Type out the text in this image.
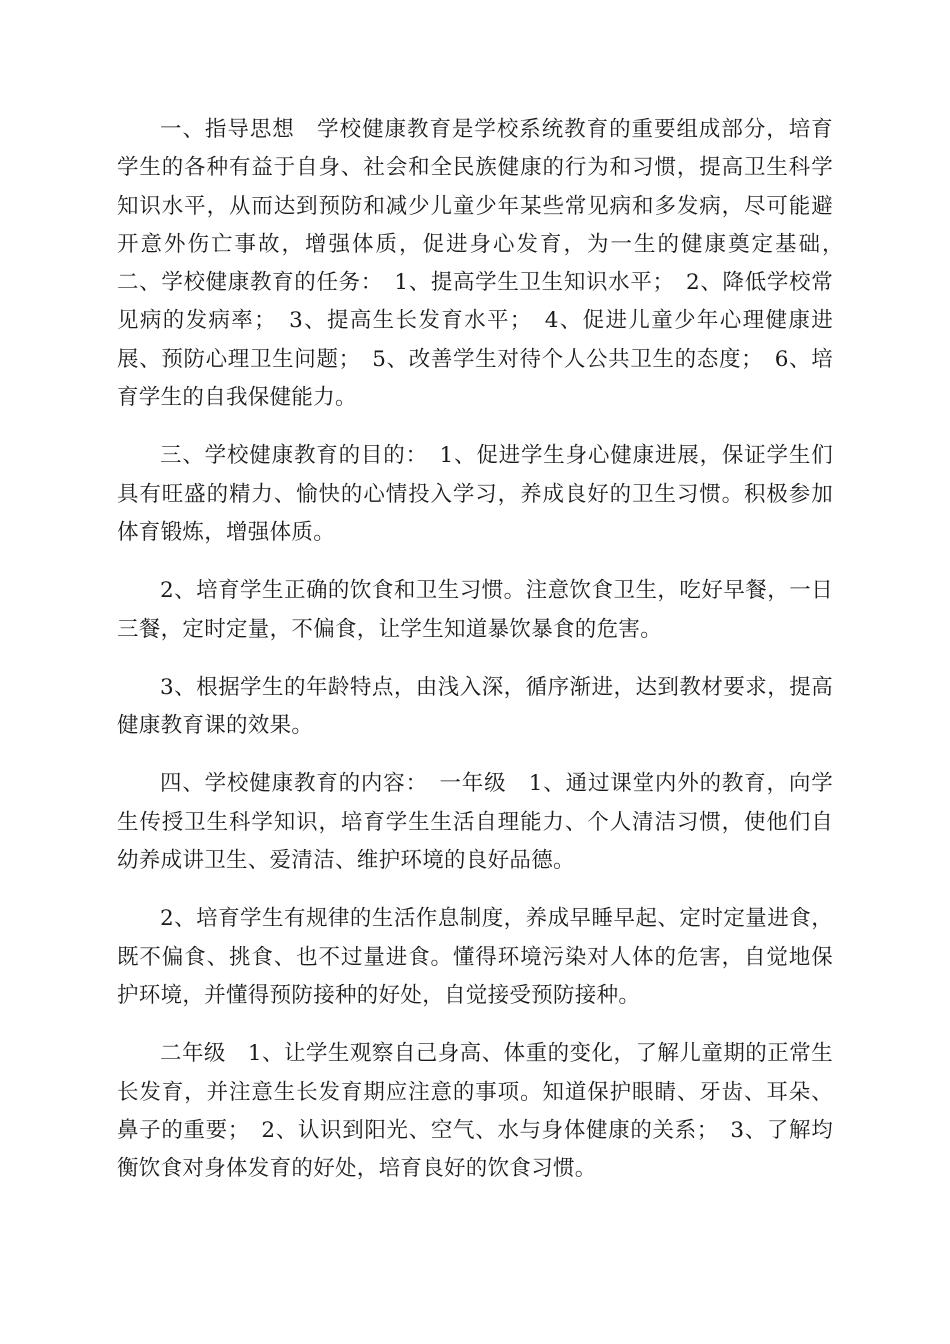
一、指导思想　学校健康教育是学校系统教育的重要组成部分，培育学生的各种有益于自身、社会和全民族健康的行为和习惯，提高卫生科学知识水平，从而达到预防和减少儿童少年某些常见病和多发病，尽可能避开意外伤亡事故，增强体质，促进身心发育，为一生的健康奠定基础，　二、学校健康教育的任务：　1、提高学生卫生知识水平；　2、降低学校常见病的发病率；　3、提高生长发育水平；　4、促进儿童少年心理健康进展、预防心理卫生问题；　5、改善学生对待个人公共卫生的态度；　6、培育学生的自我保健能力。

三、学校健康教育的目的：　1、促进学生身心健康进展，保证学生们具有旺盛的精力、愉快的心情投入学习，养成良好的卫生习惯。积极参加体育锻炼，增强体质。

2、培育学生正确的饮食和卫生习惯。注意饮食卫生，吃好早餐，一日三餐，定时定量，不偏食，让学生知道暴饮暴食的危害。

3、根据学生的年龄特点，由浅入深，循序渐进，达到教材要求，提高健康教育课的效果。

四、学校健康教育的内容：　一年级　1、通过课堂内外的教育，向学生传授卫生科学知识，培育学生生活自理能力、个人清洁习惯，使他们自幼养成讲卫生、爱清洁、维护环境的良好品德。

2、培育学生有规律的生活作息制度，养成早睡早起、定时定量进食，既不偏食、挑食、也不过量进食。懂得环境污染对人体的危害，自觉地保护环境，并懂得预防接种的好处，自觉接受预防接种。

二年级　1、让学生观察自己身高、体重的变化，了解儿童期的正常生长发育，并注意生长发育期应注意的事项。知道保护眼睛、牙齿、耳朵、鼻子的重要；　2、认识到阳光、空气、水与身体健康的关系；　3、了解均衡饮食对身体发育的好处，培育良好的饮食习惯。
